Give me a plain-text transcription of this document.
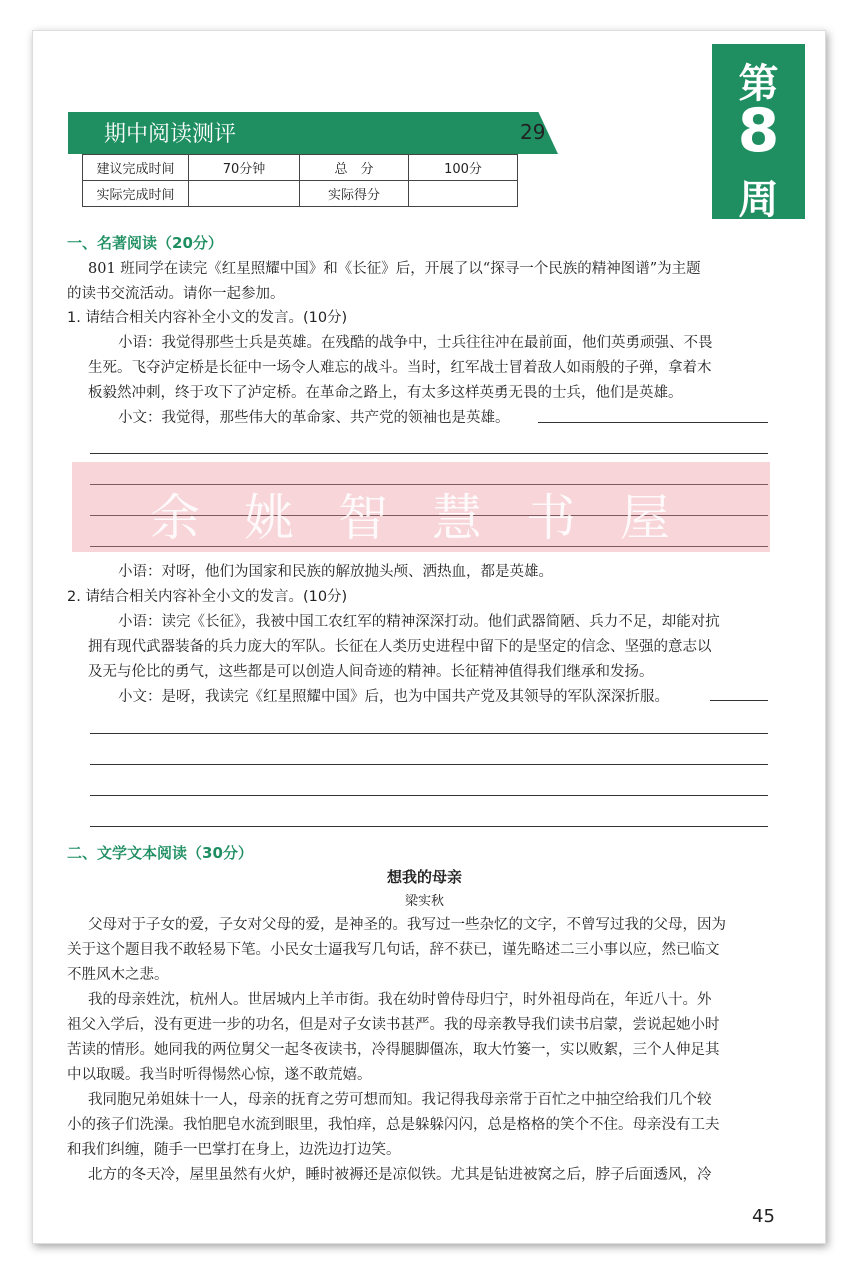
第
8
周
期中阅读测评	29
建议完成时间	70分钟	总　分	100分
实际完成时间		实际得分	
一、名著阅读（20分）
801 班同学在读完《红星照耀中国》和《长征》后，开展了以“探寻一个民族的精神图谱”为主题
的读书交流活动。请你一起参加。
1. 请结合相关内容补全小文的发言。(10分)
小语：我觉得那些士兵是英雄。在残酷的战争中，士兵往往冲在最前面，他们英勇顽强、不畏
生死。飞夺泸定桥是长征中一场令人难忘的战斗。当时，红军战士冒着敌人如雨般的子弹，拿着木
板毅然冲刺，终于攻下了泸定桥。在革命之路上，有太多这样英勇无畏的士兵，他们是英雄。
小文：我觉得，那些伟大的革命家、共产党的领袖也是英雄。
余姚智慧书屋
小语：对呀，他们为国家和民族的解放抛头颅、洒热血，都是英雄。
2. 请结合相关内容补全小文的发言。(10分)
小语：读完《长征》，我被中国工农红军的精神深深打动。他们武器简陋、兵力不足，却能对抗
拥有现代武器装备的兵力庞大的军队。长征在人类历史进程中留下的是坚定的信念、坚强的意志以
及无与伦比的勇气，这些都是可以创造人间奇迹的精神。长征精神值得我们继承和发扬。
小文：是呀，我读完《红星照耀中国》后，也为中国共产党及其领导的军队深深折服。
二、文学文本阅读（30分）
想我的母亲
梁实秋
父母对于子女的爱，子女对父母的爱，是神圣的。我写过一些杂忆的文字，不曾写过我的父母，因为
关于这个题目我不敢轻易下笔。小民女士逼我写几句话，辞不获已，谨先略述二三小事以应，然已临文
不胜风木之悲。
我的母亲姓沈，杭州人。世居城内上羊市街。我在幼时曾侍母归宁，时外祖母尚在，年近八十。外
祖父入学后，没有更进一步的功名，但是对子女读书甚严。我的母亲教导我们读书启蒙，尝说起她小时
苦读的情形。她同我的两位舅父一起冬夜读书，冷得腿脚僵冻，取大竹篓一，实以败絮，三个人伸足其
中以取暖。我当时听得愓然心惊，遂不敢荒嬉。
我同胞兄弟姐妹十一人，母亲的抚育之劳可想而知。我记得我母亲常于百忙之中抽空给我们几个较
小的孩子们洗澡。我怕肥皂水流到眼里，我怕痒，总是躲躲闪闪，总是格格的笑个不住。母亲没有工夫
和我们纠缠，随手一巴掌打在身上，边洗边打边笑。
北方的冬天冷，屋里虽然有火炉，睡时被褥还是凉似铁。尤其是钻进被窝之后，脖子后面透风，冷
45
